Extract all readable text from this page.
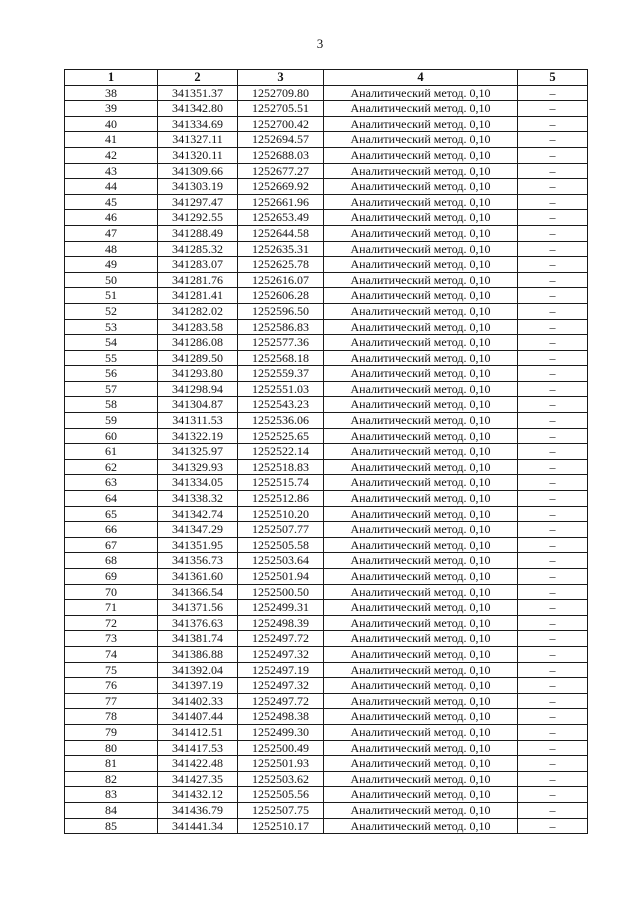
3
1	2	3	4	5
38	341351.37	1252709.80	Аналитический метод. 0,10	–
39	341342.80	1252705.51	Аналитический метод. 0,10	–
40	341334.69	1252700.42	Аналитический метод. 0,10	–
41	341327.11	1252694.57	Аналитический метод. 0,10	–
42	341320.11	1252688.03	Аналитический метод. 0,10	–
43	341309.66	1252677.27	Аналитический метод. 0,10	–
44	341303.19	1252669.92	Аналитический метод. 0,10	–
45	341297.47	1252661.96	Аналитический метод. 0,10	–
46	341292.55	1252653.49	Аналитический метод. 0,10	–
47	341288.49	1252644.58	Аналитический метод. 0,10	–
48	341285.32	1252635.31	Аналитический метод. 0,10	–
49	341283.07	1252625.78	Аналитический метод. 0,10	–
50	341281.76	1252616.07	Аналитический метод. 0,10	–
51	341281.41	1252606.28	Аналитический метод. 0,10	–
52	341282.02	1252596.50	Аналитический метод. 0,10	–
53	341283.58	1252586.83	Аналитический метод. 0,10	–
54	341286.08	1252577.36	Аналитический метод. 0,10	–
55	341289.50	1252568.18	Аналитический метод. 0,10	–
56	341293.80	1252559.37	Аналитический метод. 0,10	–
57	341298.94	1252551.03	Аналитический метод. 0,10	–
58	341304.87	1252543.23	Аналитический метод. 0,10	–
59	341311.53	1252536.06	Аналитический метод. 0,10	–
60	341322.19	1252525.65	Аналитический метод. 0,10	–
61	341325.97	1252522.14	Аналитический метод. 0,10	–
62	341329.93	1252518.83	Аналитический метод. 0,10	–
63	341334.05	1252515.74	Аналитический метод. 0,10	–
64	341338.32	1252512.86	Аналитический метод. 0,10	–
65	341342.74	1252510.20	Аналитический метод. 0,10	–
66	341347.29	1252507.77	Аналитический метод. 0,10	–
67	341351.95	1252505.58	Аналитический метод. 0,10	–
68	341356.73	1252503.64	Аналитический метод. 0,10	–
69	341361.60	1252501.94	Аналитический метод. 0,10	–
70	341366.54	1252500.50	Аналитический метод. 0,10	–
71	341371.56	1252499.31	Аналитический метод. 0,10	–
72	341376.63	1252498.39	Аналитический метод. 0,10	–
73	341381.74	1252497.72	Аналитический метод. 0,10	–
74	341386.88	1252497.32	Аналитический метод. 0,10	–
75	341392.04	1252497.19	Аналитический метод. 0,10	–
76	341397.19	1252497.32	Аналитический метод. 0,10	–
77	341402.33	1252497.72	Аналитический метод. 0,10	–
78	341407.44	1252498.38	Аналитический метод. 0,10	–
79	341412.51	1252499.30	Аналитический метод. 0,10	–
80	341417.53	1252500.49	Аналитический метод. 0,10	–
81	341422.48	1252501.93	Аналитический метод. 0,10	–
82	341427.35	1252503.62	Аналитический метод. 0,10	–
83	341432.12	1252505.56	Аналитический метод. 0,10	–
84	341436.79	1252507.75	Аналитический метод. 0,10	–
85	341441.34	1252510.17	Аналитический метод. 0,10	–
